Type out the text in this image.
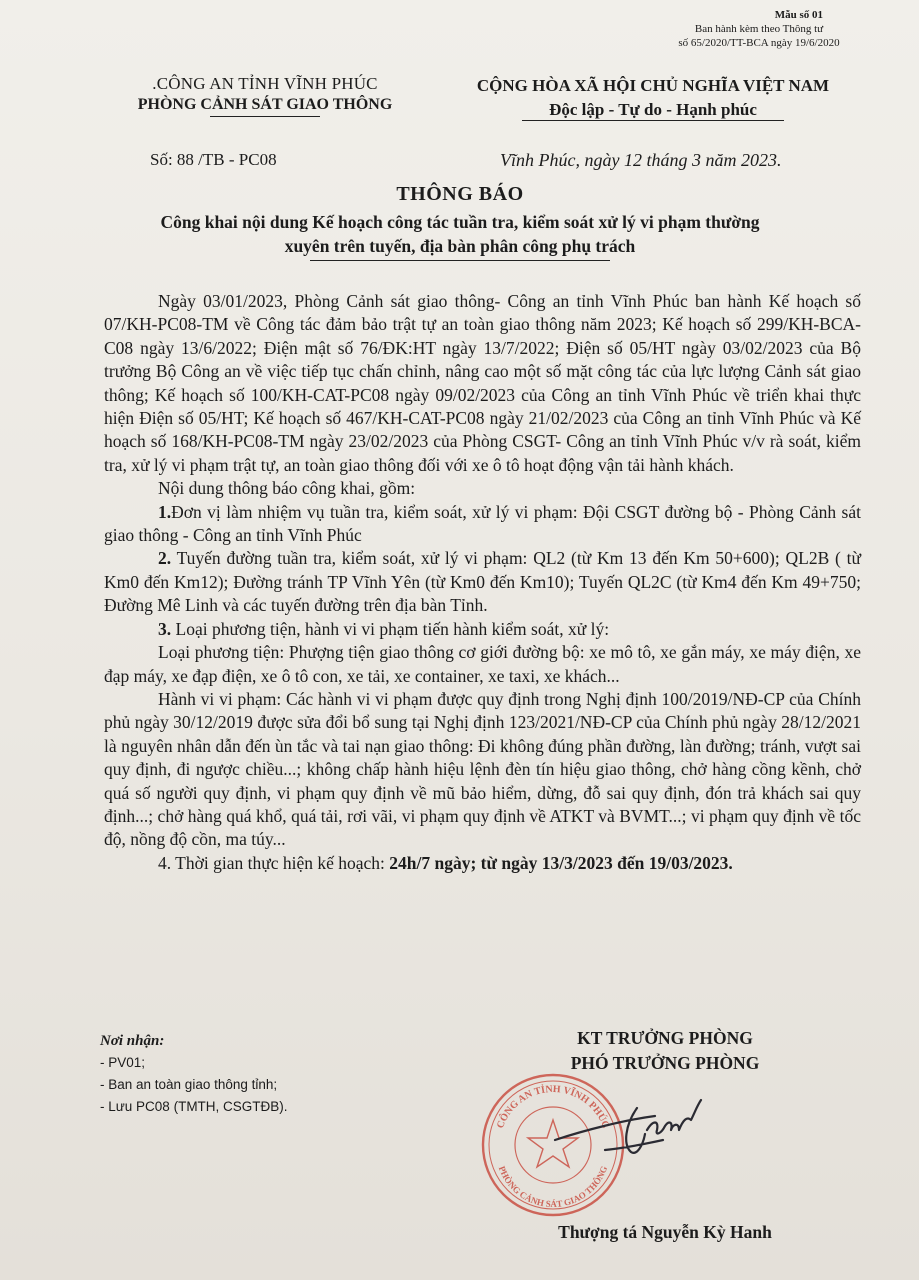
Mẫu số 01
Ban hành kèm theo Thông tư
số 65/2020/TT-BCA ngày 19/6/2020
.CÔNG AN TỈNH VĨNH PHÚC
PHÒNG CẢNH SÁT GIAO THÔNG
CỘNG HÒA XÃ HỘI CHỦ NGHĨA VIỆT NAM
Độc lập - Tự do - Hạnh phúc
Số: 88 /TB - PC08	Vĩnh Phúc, ngày 12 tháng 3 năm 2023.
THÔNG BÁO
Công khai nội dung Kế hoạch công tác tuần tra, kiểm soát xử lý vi phạm thường
xuyên trên tuyến, địa bàn phân công phụ trách

Ngày 03/01/2023, Phòng Cảnh sát giao thông- Công an tỉnh Vĩnh Phúc ban hành Kế hoạch số 07/KH-PC08-TM về Công tác đảm bảo trật tự an toàn giao thông năm 2023; Kế hoạch số 299/KH-BCA-C08 ngày 13/6/2022; Điện mật số 76/ĐK:HT ngày 13/7/2022; Điện số 05/HT ngày 03/02/2023 của Bộ trưởng Bộ Công an về việc tiếp tục chấn chỉnh, nâng cao một số mặt công tác của lực lượng Cảnh sát giao thông; Kế hoạch số 100/KH-CAT-PC08 ngày 09/02/2023 của Công an tỉnh Vĩnh Phúc về triển khai thực hiện Điện số 05/HT; Kế hoạch số 467/KH-CAT-PC08 ngày 21/02/2023 của Công an tỉnh Vĩnh Phúc và Kế hoạch số 168/KH-PC08-TM ngày 23/02/2023 của Phòng CSGT- Công an tỉnh Vĩnh Phúc v/v rà soát, kiểm tra, xử lý vi phạm trật tự, an toàn giao thông đối với xe ô tô hoạt động vận tải hành khách.

Nội dung thông báo công khai, gồm:

1.Đơn vị làm nhiệm vụ tuần tra, kiểm soát, xử lý vi phạm: Đội CSGT đường bộ - Phòng Cảnh sát giao thông - Công an tỉnh Vĩnh Phúc

2. Tuyến đường tuần tra, kiểm soát, xử lý vi phạm: QL2 (từ Km 13 đến Km 50+600); QL2B ( từ Km0 đến Km12); Đường tránh TP Vĩnh Yên (từ Km0 đến Km10); Tuyến QL2C (từ Km4 đến Km 49+750; Đường Mê Linh và các tuyến đường trên địa bàn Tỉnh.

3. Loại phương tiện, hành vi vi phạm tiến hành kiểm soát, xử lý:

Loại phương tiện: Phượng tiện giao thông cơ giới đường bộ: xe mô tô, xe gắn máy, xe máy điện, xe đạp máy, xe đạp điện, xe ô tô con, xe tải, xe container, xe taxi, xe khách...

Hành vi vi phạm: Các hành vi vi phạm được quy định trong Nghị định 100/2019/NĐ-CP của Chính phủ ngày 30/12/2019 được sửa đổi bổ sung tại Nghị định 123/2021/NĐ-CP của Chính phủ ngày 28/12/2021 là nguyên nhân dẫn đến ùn tắc và tai nạn giao thông: Đi không đúng phần đường, làn đường; tránh, vượt sai quy định, đi ngược chiều...; không chấp hành hiệu lệnh đèn tín hiệu giao thông, chở hàng cồng kềnh, chở quá số người quy định, vi phạm quy định về mũ bảo hiểm, dừng, đỗ sai quy định, đón trả khách sai quy định...; chở hàng quá khổ, quá tải, rơi vãi, vi phạm quy định về ATKT và BVMT...; vi phạm quy định về tốc độ, nồng độ cồn, ma túy...

4. Thời gian thực hiện kế hoạch: 24h/7 ngày; từ ngày 13/3/2023 đến 19/03/2023.

Nơi nhận:
- PV01;
- Ban an toàn giao thông tỉnh;
- Lưu PC08 (TMTH, CSGTĐB).
CÔNG AN TỈNH VĨNH PHÚC
PHÒNG CẢNH SÁT GIAO THÔNG
KT TRƯỞNG PHÒNG
PHÓ TRƯỞNG PHÒNG
Thượng tá Nguyễn Kỳ Hanh
